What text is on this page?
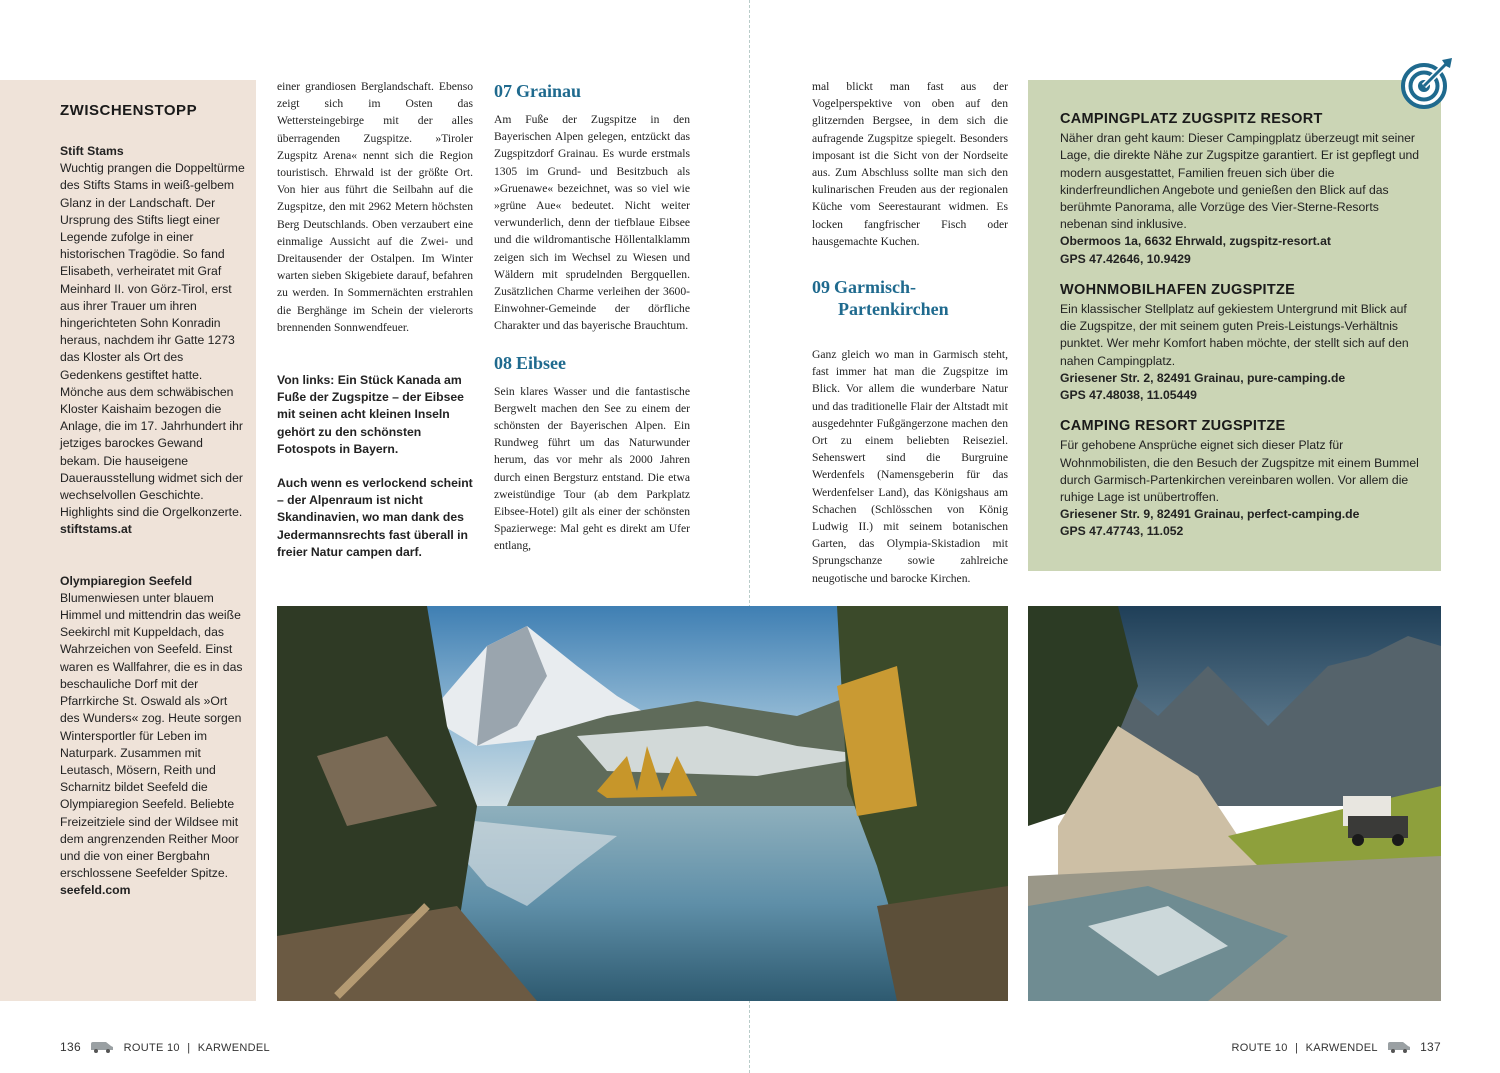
ZWISCHENSTOPP

Stift Stams

Wuchtig prangen die Doppeltürme des Stifts Stams in weiß-gelbem Glanz in der Landschaft. Der Ursprung des Stifts liegt einer Legende zufolge in einer historischen Tragödie. So fand Elisabeth, verheiratet mit Graf Meinhard II. von Görz-Tirol, erst aus ihrer Trauer um ihren hingerichteten Sohn Konradin heraus, nachdem ihr Gatte 1273 das Kloster als Ort des Gedenkens gestiftet hatte. Mönche aus dem schwäbischen Kloster Kaishaim bezogen die Anlage, die im 17. Jahrhundert ihr jetziges barockes Gewand bekam. Die hauseigene Dauerausstellung widmet sich der wechselvollen Geschichte. Highlights sind die Orgelkonzerte.

stiftstams.at

Olympiaregion Seefeld

Blumenwiesen unter blauem Himmel und mittendrin das weiße Seekirchl mit Kuppeldach, das Wahrzeichen von Seefeld. Einst waren es Wallfahrer, die es in das beschauliche Dorf mit der Pfarrkirche St. Oswald als »Ort des Wunders« zog. Heute sorgen Wintersportler für Leben im Naturpark. Zusammen mit Leutasch, Mösern, Reith und Scharnitz bildet Seefeld die Olympiaregion Seefeld. Beliebte Freizeitziele sind der Wildsee mit dem angrenzenden Reither Moor und die von einer Bergbahn erschlossene Seefelder Spitze.

seefeld.com

einer grandiosen Berglandschaft. Ebenso zeigt sich im Osten das Wettersteingebirge mit der alles überragenden Zugspitze. »Tiroler Zugspitz Arena« nennt sich die Region touristisch. Ehrwald ist der größte Ort. Von hier aus führt die Seilbahn auf die Zugspitze, den mit 2962 Metern höchsten Berg Deutschlands. Oben verzaubert eine einmalige Aussicht auf die Zwei- und Dreitausender der Ostalpen. Im Winter warten sieben Skigebiete darauf, befahren zu werden. In Sommernächten erstrahlen die Berghänge im Schein der vielerorts brennenden Sonnwendfeuer.

Von links: Ein Stück Kanada am Fuße der Zugspitze – der Eibsee mit seinen acht kleinen Inseln gehört zu den schönsten Fotospots in Bayern.

Auch wenn es verlockend scheint – der Alpenraum ist nicht Skandinavien, wo man dank des Jedermannsrechts fast überall in freier Natur campen darf.

07 Grainau

Am Fuße der Zugspitze in den Bayerischen Alpen gelegen, entzückt das Zugspitzdorf Grainau. Es wurde erstmals 1305 im Grund- und Besitzbuch als »Gruenawe« bezeichnet, was so viel wie »grüne Aue« bedeutet. Nicht weiter verwunderlich, denn der tiefblaue Eibsee und die wildromantische Höllentalklamm zeigen sich im Wechsel zu Wiesen und Wäldern mit sprudelnden Bergquellen. Zusätzlichen Charme verleihen der 3600-Einwohner-Gemeinde der dörfliche Charakter und das bayerische Brauchtum.

08 Eibsee

Sein klares Wasser und die fantastische Bergwelt machen den See zu einem der schönsten der Bayerischen Alpen. Ein Rundweg führt um das Naturwunder herum, das vor mehr als 2000 Jahren durch einen Bergsturz entstand. Die etwa zweistündige Tour (ab dem Parkplatz Eibsee-Hotel) gilt als einer der schönsten Spazierwege: Mal geht es direkt am Ufer entlang,

mal blickt man fast aus der Vogelperspektive von oben auf den glitzernden Bergsee, in dem sich die aufragende Zugspitze spiegelt. Besonders imposant ist die Sicht von der Nordseite aus. Zum Abschluss sollte man sich den kulinarischen Freuden aus der regionalen Küche vom Seerestaurant widmen. Es locken fangfrischer Fisch oder hausgemachte Kuchen.

09 Garmisch-
Partenkirchen

Ganz gleich wo man in Garmisch steht, fast immer hat man die Zugspitze im Blick. Vor allem die wunderbare Natur und das traditionelle Flair der Altstadt mit ausgedehnter Fußgängerzone machen den Ort zu einem beliebten Reiseziel. Sehenswert sind die Burgruine Werdenfels (Namensgeberin für das Werdenfelser Land), das Königshaus am Schachen (Schlösschen von König Ludwig II.) mit seinem botanischen Garten, das Olympia-Skistadion mit Sprungschanze sowie zahlreiche neugotische und barocke Kirchen.

CAMPINGPLATZ ZUGSPITZ RESORT

Näher dran geht kaum: Dieser Campingplatz überzeugt mit seiner Lage, die direkte Nähe zur Zugspitze garantiert. Er ist gepflegt und modern ausgestattet, Familien freuen sich über die kinderfreundlichen Angebote und genießen den Blick auf das berühmte Panorama, alle Vorzüge des Vier-Sterne-Resorts nebenan sind inklusive.

Obermoos 1a, 6632 Ehrwald, zugspitz-resort.at

GPS 47.42646, 10.9429

WOHNMOBILHAFEN ZUGSPITZE

Ein klassischer Stellplatz auf gekiestem Untergrund mit Blick auf die Zugspitze, der mit seinem guten Preis-Leistungs-Verhältnis punktet. Wer mehr Komfort haben möchte, der stellt sich auf den nahen Campingplatz.

Griesener Str. 2, 82491 Grainau, pure-camping.de

GPS 47.48038, 11.05449

CAMPING RESORT ZUGSPITZE

Für gehobene Ansprüche eignet sich dieser Platz für Wohnmobilisten, die den Besuch der Zugspitze mit einem Bummel durch Garmisch-Partenkirchen vereinbaren wollen. Vor allem die ruhige Lage ist unübertroffen.

Griesener Str. 9, 82491 Grainau, perfect-camping.de

GPS 47.47743, 11.052

136	ROUTE 10 | KARWENDEL	ROUTE 10 | KARWENDEL	137
